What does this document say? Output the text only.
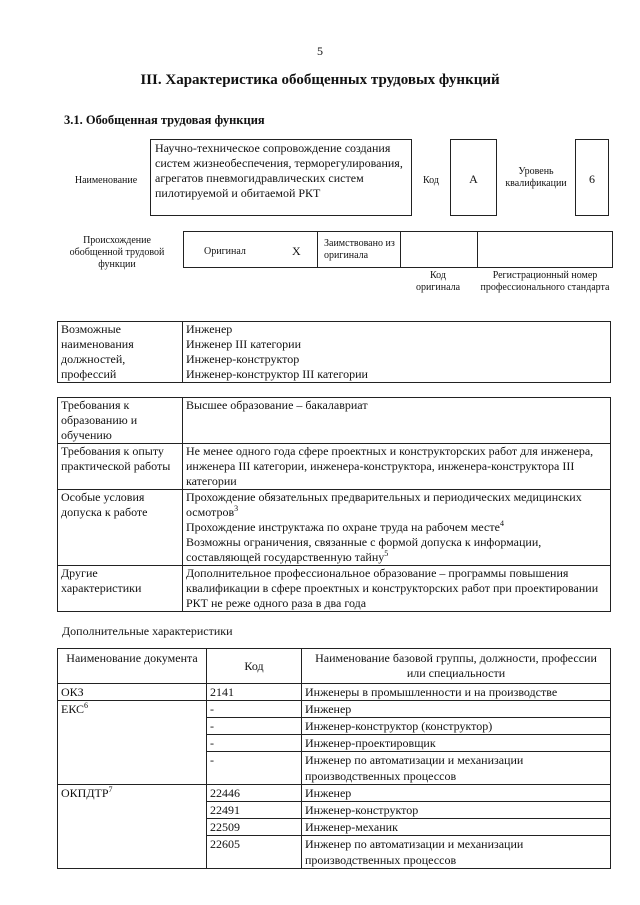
5
III. Характеристика обобщенных трудовых функций
3.1. Обобщенная трудовая функция
Наименование
Научно-техническое сопровождение создания систем жизнеобеспечения, терморегулирования, агрегатов пневмогидравлических систем пилотируемой и обитаемой РКТ
Код	A
Уровень квалификации	6
Происхождение обобщенной трудовой функции
Оригинал	X
Заимствовано из оригинала
Код оригинала
Регистрационный номер профессионального стандарта
Возможные наименования должностей, профессий	
Инженер
Инженер III категории
Инженер-конструктор
Инженер-конструктор III категории
Требования к образованию и обучению	Высшее образование – бакалавриат
Требования к опыту практической работы	Не менее одного года сфере проектных и конструкторских работ для инженера, инженера III категории, инженера-конструктора, инженера-конструктора III категории
Особые условия допуска к работе	Прохождение обязательных предварительных и периодических медицинских осмотров$^3$
Прохождение инструктажа по охране труда на рабочем месте$^4$
Возможны ограничения, связанные с формой допуска к информации, составляющей государственную тайну$^5$

Другие характеристики	Дополнительное профессиональное образование – программы повышения квалификации в сфере проектных и конструкторских работ при проектировании РКТ не реже одного раза в два года
Дополнительные характеристики
Наименование документа	Код	Наименование базовой группы, должности, профессии или специальности
ОКЗ	2141	Инженеры в промышленности и на производстве
ЕКС$^6$	-	Инженер
	-	Инженер-конструктор (конструктор)
	-	Инженер-проектировщик
	-	Инженер по автоматизации и механизации производственных процессов
ОКПДТР$^7$	22446	Инженер
	22491	Инженер-конструктор
	22509	Инженер-механик
	22605	Инженер по автоматизации и механизации производственных процессов
